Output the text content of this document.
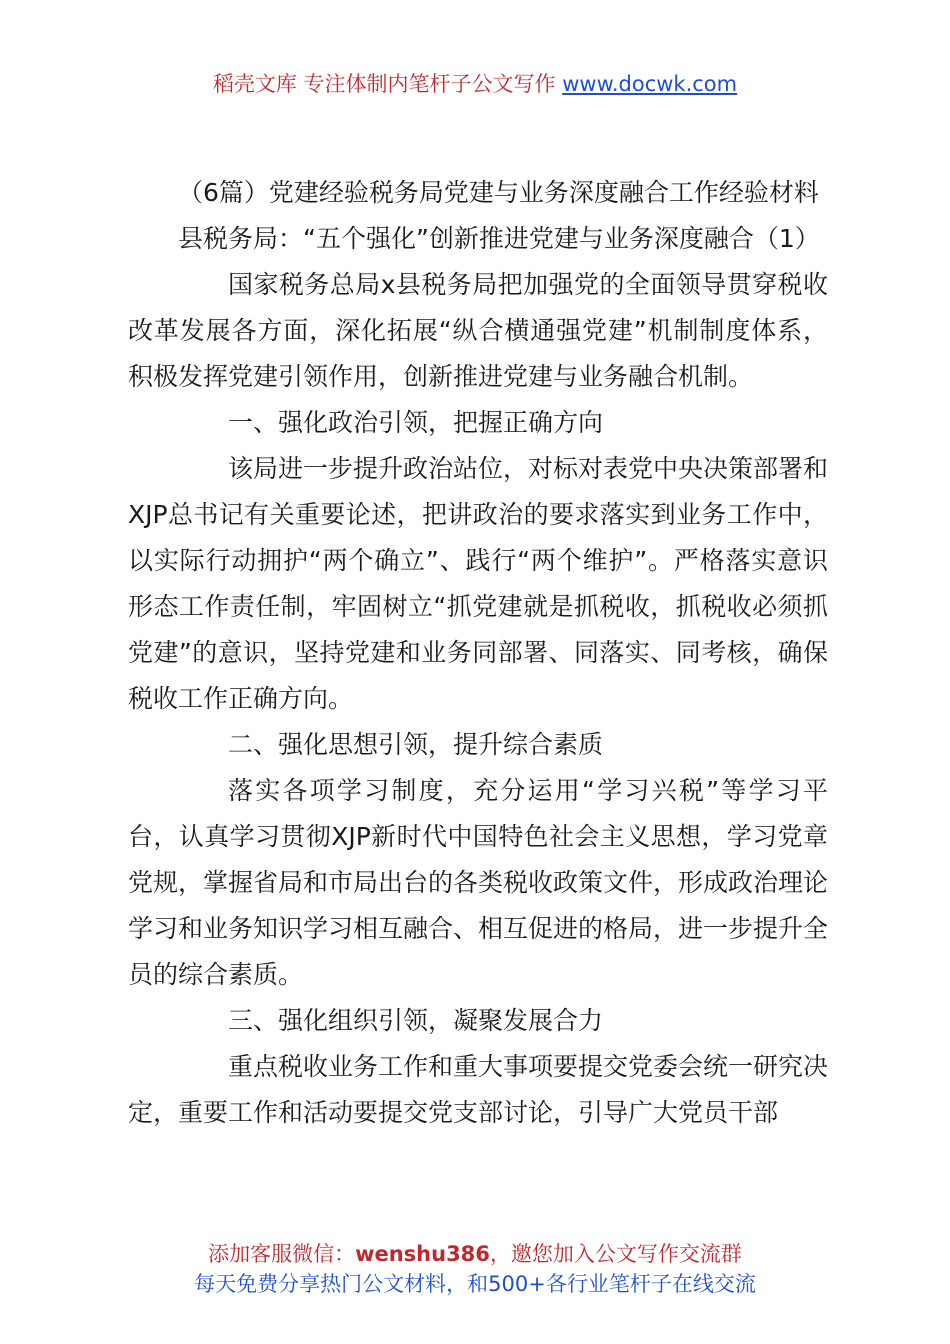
稻壳文库 专注体制内笔杆子公文写作 www.docwk.com

（6篇）党建经验税务局党建与业务深度融合工作经验材料

县税务局：“五个强化”创新推进党建与业务深度融合（1）

国家税务总局x县税务局把加强党的全面领导贯穿税收改革发展各方面，深化拓展“纵合横通强党建”机制制度体系，积极发挥党建引领作用，创新推进党建与业务融合机制。

一、强化政治引领，把握正确方向

该局进一步提升政治站位，对标对表党中央决策部署和XJP总书记有关重要论述，把讲政治的要求落实到业务工作中，以实际行动拥护“两个确立”、践行“两个维护”。严格落实意识形态工作责任制，牢固树立“抓党建就是抓税收，抓税收必须抓党建”的意识，坚持党建和业务同部署、同落实、同考核，确保税收工作正确方向。

二、强化思想引领，提升综合素质

落实各项学习制度，充分运用“学习兴税”等学习平台，认真学习贯彻XJP新时代中国特色社会主义思想，学习党章党规，掌握省局和市局出台的各类税收政策文件，形成政治理论学习和业务知识学习相互融合、相互促进的格局，进一步提升全员的综合素质。

三、强化组织引领，凝聚发展合力

重点税收业务工作和重大事项要提交党委会统一研究决定，重要工作和活动要提交党支部讨论，引导广大党员干部

添加客服微信：wenshu386，邀您加入公文写作交流群
每天免费分享热门公文材料，和500+各行业笔杆子在线交流
